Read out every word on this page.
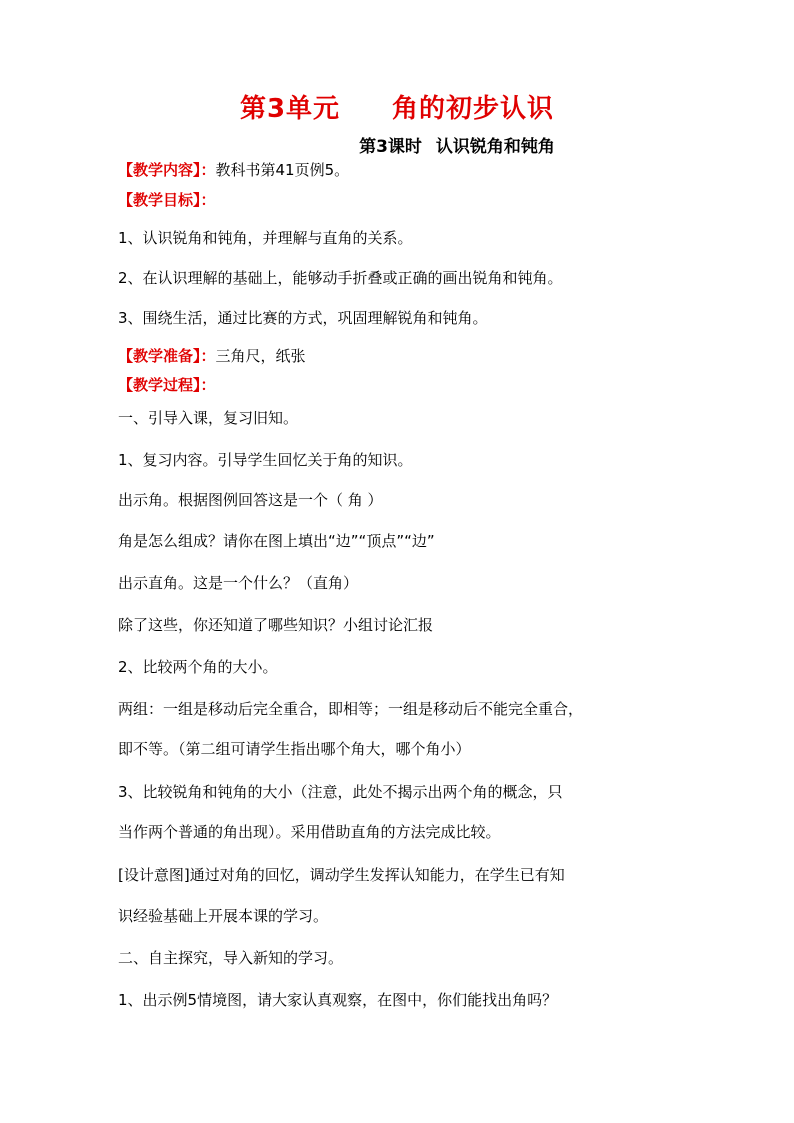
第3单元 角的初步认识
第3课时 认识锐角和钝角
【教学内容】：教科书第41页例5。
【教学目标】：
1、认识锐角和钝角，并理解与直角的关系。
2、在认识理解的基础上，能够动手折叠或正确的画出锐角和钝角。
3、围绕生活，通过比赛的方式，巩固理解锐角和钝角。
【教学准备】：三角尺，纸张
【教学过程】：
一、引导入课，复习旧知。
1、复习内容。引导学生回忆关于角的知识。
出示角。根据图例回答这是一个（ 角 ）
角是怎么组成？请你在图上填出“边”“顶点”“边”
出示直角。这是一个什么？（直角）
除了这些，你还知道了哪些知识？小组讨论汇报
2、比较两个角的大小。
两组：一组是移动后完全重合，即相等；一组是移动后不能完全重合，
即不等。（第二组可请学生指出哪个角大，哪个角小）
3、比较锐角和钝角的大小（注意，此处不揭示出两个角的概念，只
当作两个普通的角出现）。采用借助直角的方法完成比较。
[设计意图]通过对角的回忆，调动学生发挥认知能力，在学生已有知
识经验基础上开展本课的学习。
二、自主探究，导入新知的学习。
1、出示例5情境图，请大家认真观察，在图中，你们能找出角吗？
